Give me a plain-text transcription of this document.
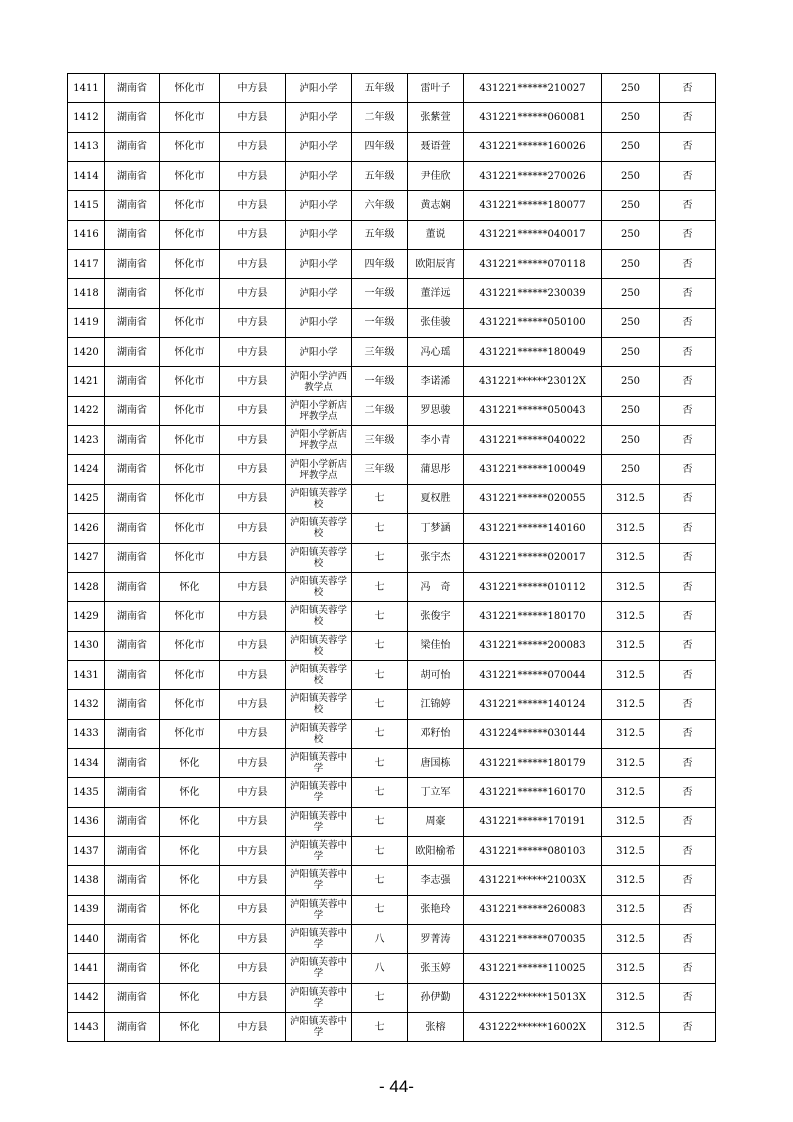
1411	湖南省	怀化市	中方县	泸阳小学	五年级	雷叶子	431221******210027	250	否
1412	湖南省	怀化市	中方县	泸阳小学	二年级	张紫萱	431221******060081	250	否
1413	湖南省	怀化市	中方县	泸阳小学	四年级	聂语萱	431221******160026	250	否
1414	湖南省	怀化市	中方县	泸阳小学	五年级	尹佳欣	431221******270026	250	否
1415	湖南省	怀化市	中方县	泸阳小学	六年级	黄志娴	431221******180077	250	否
1416	湖南省	怀化市	中方县	泸阳小学	五年级	董说	431221******040017	250	否
1417	湖南省	怀化市	中方县	泸阳小学	四年级	欧阳辰宵	431221******070118	250	否
1418	湖南省	怀化市	中方县	泸阳小学	一年级	董洋远	431221******230039	250	否
1419	湖南省	怀化市	中方县	泸阳小学	一年级	张佳骏	431221******050100	250	否
1420	湖南省	怀化市	中方县	泸阳小学	三年级	冯心瑶	431221******180049	250	否
1421	湖南省	怀化市	中方县	泸阳小学泸西教学点	一年级	李诺浠	431221******23012X	250	否
1422	湖南省	怀化市	中方县	泸阳小学新店坪教学点	二年级	罗思骏	431221******050043	250	否
1423	湖南省	怀化市	中方县	泸阳小学新店坪教学点	三年级	李小青	431221******040022	250	否
1424	湖南省	怀化市	中方县	泸阳小学新店坪教学点	三年级	蒲思彤	431221******100049	250	否
1425	湖南省	怀化市	中方县	泸阳镇芙蓉学校	七	夏权胜	431221******020055	312.5	否
1426	湖南省	怀化市	中方县	泸阳镇芙蓉学校	七	丁梦涵	431221******140160	312.5	否
1427	湖南省	怀化市	中方县	泸阳镇芙蓉学校	七	张宇杰	431221******020017	312.5	否
1428	湖南省	怀化	中方县	泸阳镇芙蓉学校	七	冯　奇	431221******010112	312.5	否
1429	湖南省	怀化市	中方县	泸阳镇芙蓉学校	七	张俊宇	431221******180170	312.5	否
1430	湖南省	怀化市	中方县	泸阳镇芙蓉学校	七	梁佳怡	431221******200083	312.5	否
1431	湖南省	怀化市	中方县	泸阳镇芙蓉学校	七	胡可怡	431221******070044	312.5	否
1432	湖南省	怀化市	中方县	泸阳镇芙蓉学校	七	江锦婷	431221******140124	312.5	否
1433	湖南省	怀化市	中方县	泸阳镇芙蓉学校	七	邓籽怡	431224******030144	312.5	否
1434	湖南省	怀化	中方县	泸阳镇芙蓉中学	七	唐国栋	431221******180179	312.5	否
1435	湖南省	怀化	中方县	泸阳镇芙蓉中学	七	丁立军	431221******160170	312.5	否
1436	湖南省	怀化	中方县	泸阳镇芙蓉中学	七	周豪	431221******170191	312.5	否
1437	湖南省	怀化	中方县	泸阳镇芙蓉中学	七	欧阳榆希	431221******080103	312.5	否
1438	湖南省	怀化	中方县	泸阳镇芙蓉中学	七	李志强	431221******21003X	312.5	否
1439	湖南省	怀化	中方县	泸阳镇芙蓉中学	七	张艳玲	431221******260083	312.5	否
1440	湖南省	怀化	中方县	泸阳镇芙蓉中学	八	罗菁涛	431221******070035	312.5	否
1441	湖南省	怀化	中方县	泸阳镇芙蓉中学	八	张玉婷	431221******110025	312.5	否
1442	湖南省	怀化	中方县	泸阳镇芙蓉中学	七	孙伊勤	431222******15013X	312.5	否
1443	湖南省	怀化	中方县	泸阳镇芙蓉中学	七	张榕	431222******16002X	312.5	否
- 44-
